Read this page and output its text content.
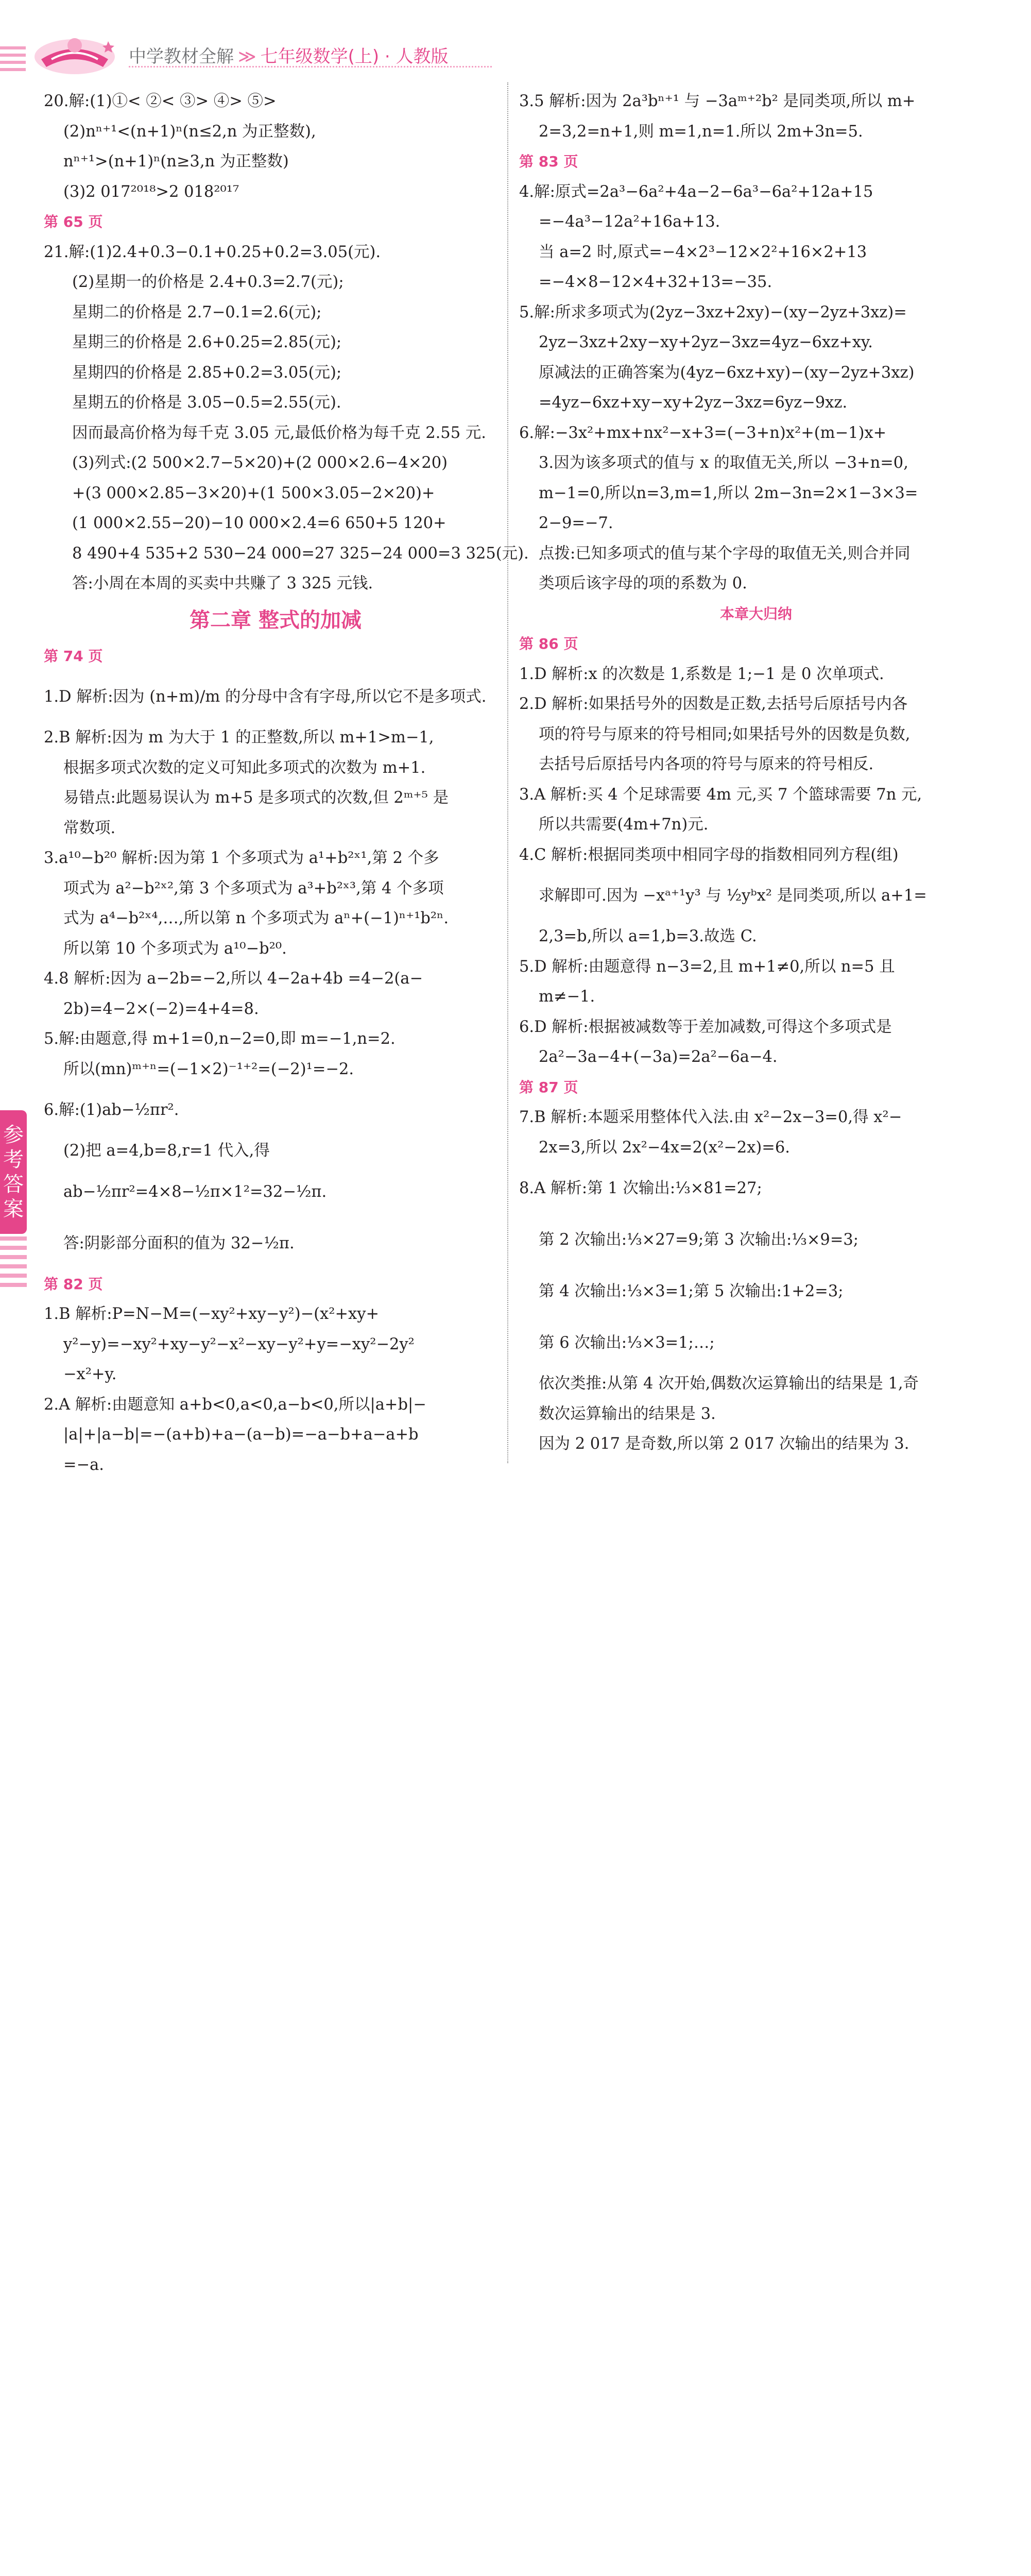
中学教材全解 ≫ 七年级数学(上) · 人教版
20.解:(1)①< ②< ③> ④> ⑤>
(2)nⁿ⁺¹<(n+1)ⁿ(n≤2,n 为正整数),
nⁿ⁺¹>(n+1)ⁿ(n≥3,n 为正整数)
(3)2 017²⁰¹⁸>2 018²⁰¹⁷
第 65 页
21.解:(1)2.4+0.3−0.1+0.25+0.2=3.05(元).
(2)星期一的价格是 2.4+0.3=2.7(元);
星期二的价格是 2.7−0.1=2.6(元);
星期三的价格是 2.6+0.25=2.85(元);
星期四的价格是 2.85+0.2=3.05(元);
星期五的价格是 3.05−0.5=2.55(元).
因而最高价格为每千克 3.05 元,最低价格为每千克 2.55 元.
(3)列式:(2 500×2.7−5×20)+(2 000×2.6−4×20)
+(3 000×2.85−3×20)+(1 500×3.05−2×20)+
(1 000×2.55−20)−10 000×2.4=6 650+5 120+
8 490+4 535+2 530−24 000=27 325−24 000=3 325(元).
答:小周在本周的买卖中共赚了 3 325 元钱.
第二章 整式的加减
第 74 页
1.D 解析:因为 (n+m)/m 的分母中含有字母,所以它不是多项式.
2.B 解析:因为 m 为大于 1 的正整数,所以 m+1>m−1,
根据多项式次数的定义可知此多项式的次数为 m+1.
易错点:此题易误认为 m+5 是多项式的次数,但 2ᵐ⁺⁵ 是
常数项.
3.a¹⁰−b²⁰ 解析:因为第 1 个多项式为 a¹+b²ˣ¹,第 2 个多
项式为 a²−b²ˣ²,第 3 个多项式为 a³+b²ˣ³,第 4 个多项
式为 a⁴−b²ˣ⁴,…,所以第 n 个多项式为 aⁿ+(−1)ⁿ⁺¹b²ⁿ.
所以第 10 个多项式为 a¹⁰−b²⁰.
4.8 解析:因为 a−2b=−2,所以 4−2a+4b =4−2(a−
2b)=4−2×(−2)=4+4=8.
5.解:由题意,得 m+1=0,n−2=0,即 m=−1,n=2.
所以(mn)ᵐ⁺ⁿ=(−1×2)⁻¹⁺²=(−2)¹=−2.
6.解:(1)ab−½πr².
(2)把 a=4,b=8,r=1 代入,得
ab−½πr²=4×8−½π×1²=32−½π.
答:阴影部分面积的值为 32−½π.
第 82 页
1.B 解析:P=N−M=(−xy²+xy−y²)−(x²+xy+
y²−y)=−xy²+xy−y²−x²−xy−y²+y=−xy²−2y²
−x²+y.
2.A 解析:由题意知 a+b<0,a<0,a−b<0,所以|a+b|−
|a|+|a−b|=−(a+b)+a−(a−b)=−a−b+a−a+b
=−a.
3.5 解析:因为 2a³bⁿ⁺¹ 与 −3aᵐ⁺²b² 是同类项,所以 m+
2=3,2=n+1,则 m=1,n=1.所以 2m+3n=5.
第 83 页
4.解:原式=2a³−6a²+4a−2−6a³−6a²+12a+15
=−4a³−12a²+16a+13.
当 a=2 时,原式=−4×2³−12×2²+16×2+13
=−4×8−12×4+32+13=−35.
5.解:所求多项式为(2yz−3xz+2xy)−(xy−2yz+3xz)=
2yz−3xz+2xy−xy+2yz−3xz=4yz−6xz+xy.
原减法的正确答案为(4yz−6xz+xy)−(xy−2yz+3xz)
=4yz−6xz+xy−xy+2yz−3xz=6yz−9xz.
6.解:−3x²+mx+nx²−x+3=(−3+n)x²+(m−1)x+
3.因为该多项式的值与 x 的取值无关,所以 −3+n=0,
m−1=0,所以n=3,m=1,所以 2m−3n=2×1−3×3=
2−9=−7.
点拨:已知多项式的值与某个字母的取值无关,则合并同
类项后该字母的项的系数为 0.
本章大归纳
第 86 页
1.D 解析:x 的次数是 1,系数是 1;−1 是 0 次单项式.
2.D 解析:如果括号外的因数是正数,去括号后原括号内各
项的符号与原来的符号相同;如果括号外的因数是负数,
去括号后原括号内各项的符号与原来的符号相反.
3.A 解析:买 4 个足球需要 4m 元,买 7 个篮球需要 7n 元,
所以共需要(4m+7n)元.
4.C 解析:根据同类项中相同字母的指数相同列方程(组)
求解即可.因为 −xᵃ⁺¹y³ 与 ½yᵇx² 是同类项,所以 a+1=
2,3=b,所以 a=1,b=3.故选 C.
5.D 解析:由题意得 n−3=2,且 m+1≠0,所以 n=5 且
m≠−1.
6.D 解析:根据被减数等于差加减数,可得这个多项式是
2a²−3a−4+(−3a)=2a²−6a−4.
第 87 页
7.B 解析:本题采用整体代入法.由 x²−2x−3=0,得 x²−
2x=3,所以 2x²−4x=2(x²−2x)=6.
8.A 解析:第 1 次输出:⅓×81=27;
第 2 次输出:⅓×27=9;第 3 次输出:⅓×9=3;
第 4 次输出:⅓×3=1;第 5 次输出:1+2=3;
第 6 次输出:⅓×3=1;…;
依次类推:从第 4 次开始,偶数次运算输出的结果是 1,奇
数次运算输出的结果是 3.
因为 2 017 是奇数,所以第 2 017 次输出的结果为 3.
参
考
答
案
